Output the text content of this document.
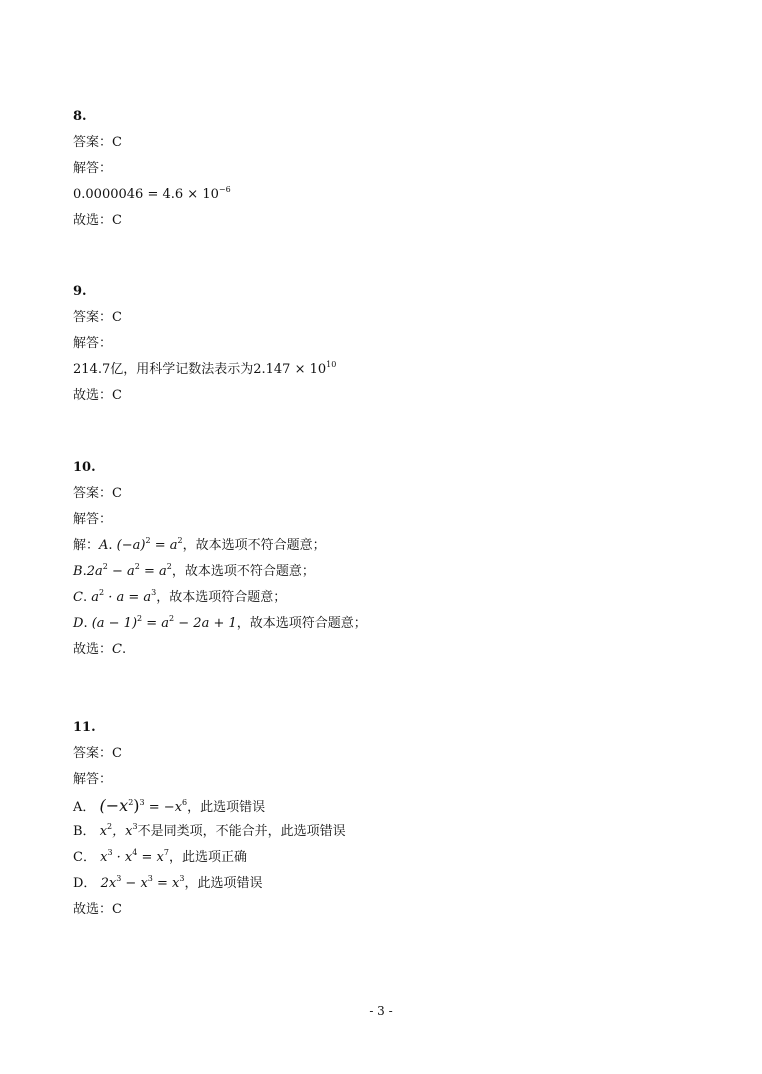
8.
答案：C
解答：
$0.0000046 = 4.6 \times 10^{-6}$
故选：C
9.
答案：C
解答：
214.7亿，用科学记数法表示为$2.147 \times 10^{10}$
故选：C
10.
答案：C
解答：
解：A. $(-a)^2 = a^2$，故本选项不符合题意；
$B.2a^2 - a^2 = a^2$，故本选项不符合题意；
C. $a^2 \cdot a = a^3$，故本选项符合题意；
D. $(a - 1)^2 = a^2 - 2a + 1$，故本选项符合题意；
故选：C.
11.
答案：C
解答：
A． $(-x^2)^3 = -x^6$，此选项错误
B． $x^2$，$x^3$不是同类项，不能合并，此选项错误
C． $x^3 \cdot x^4 = x^7$，此选项正确
D． $2x^3 - x^3 = x^3$，此选项错误
故选：C
- 3 -
